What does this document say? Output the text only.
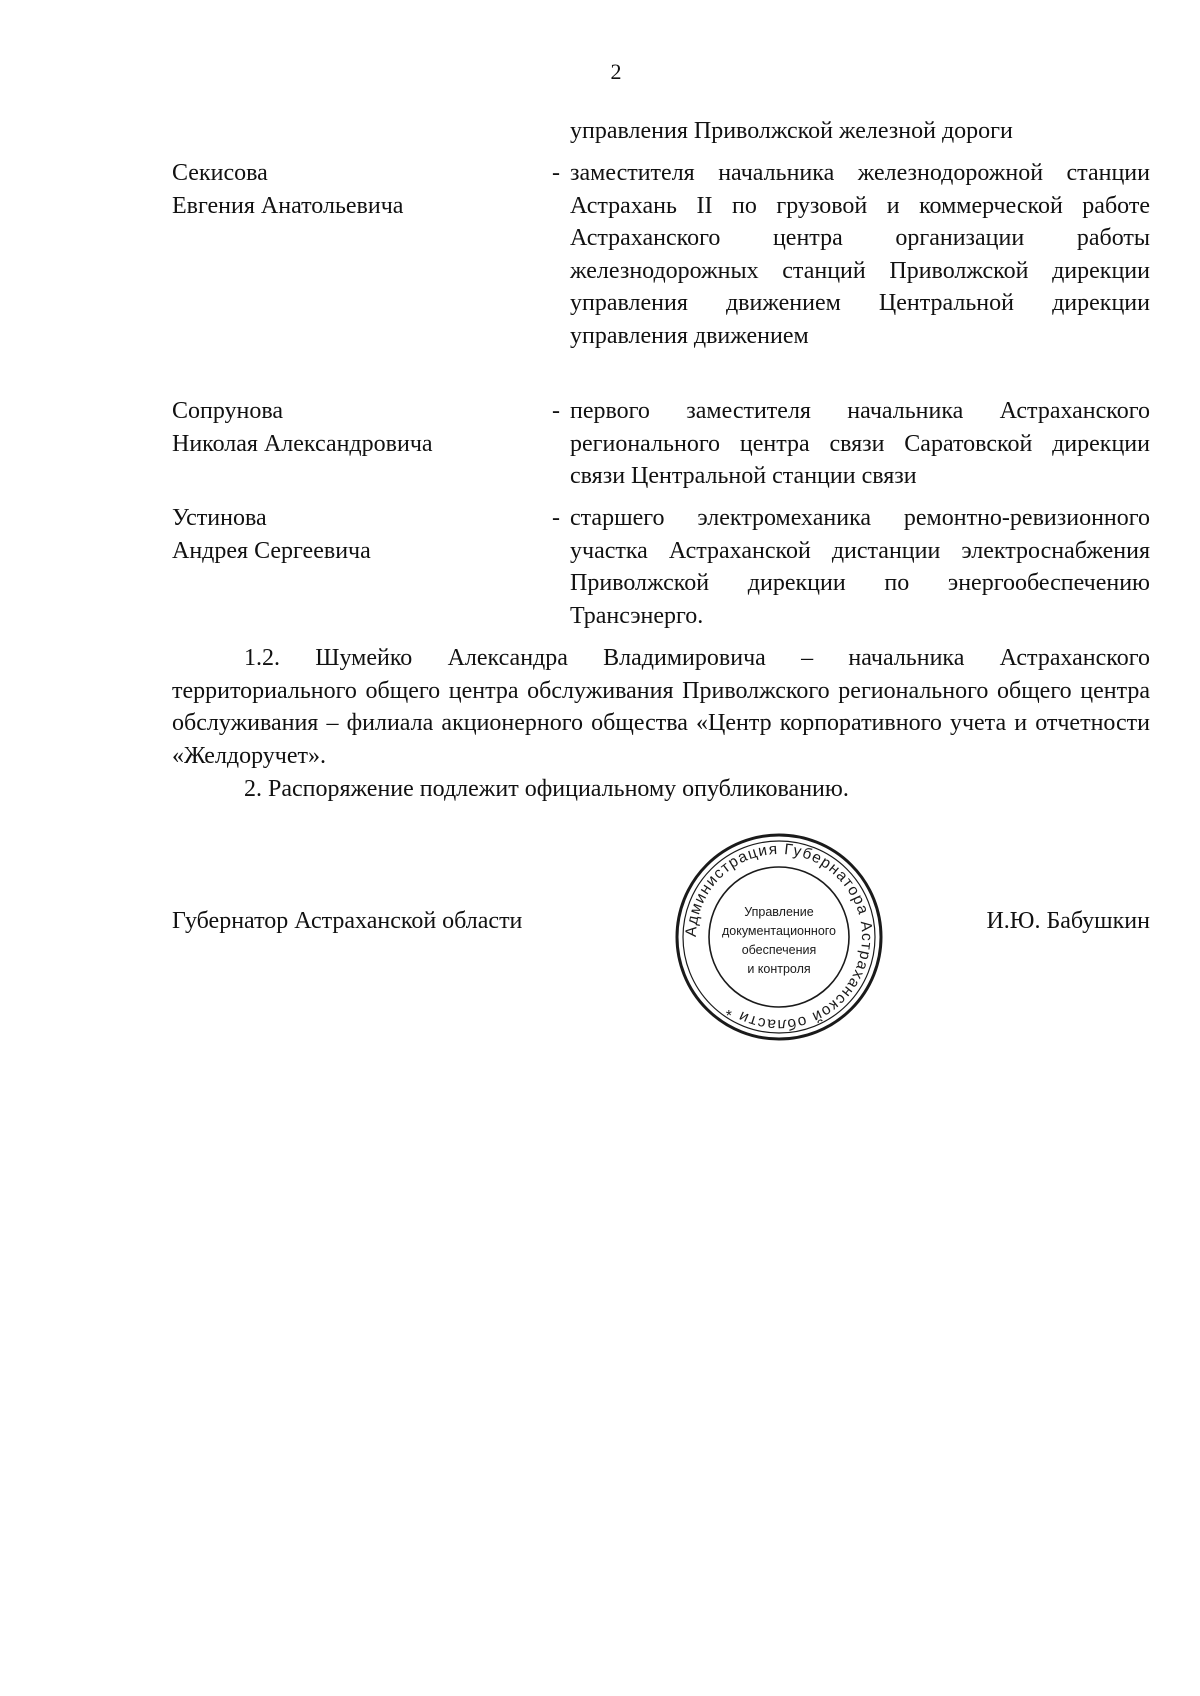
2
управления Приволжской железной дороги
Секисова
Евгения Анатольевича
- заместителя начальника железнодорожной станции Астрахань II по грузовой и коммерческой работе Астраханского центра организации работы железнодорожных станций Приволжской дирекции управления движением Центральной дирекции управления движением
Сопрунова
Николая Александровича
- первого заместителя начальника Астраханского регионального центра связи Саратовской дирекции связи Центральной станции связи
Устинова
Андрея Сергеевича
- старшего электромеханика ремонтно-ревизионного участка Астраханской дистанции электроснабжения Приволжской дирекции по энергообеспечению Трансэнерго.
1.2. Шумейко Александра Владимировича – начальника Астраханского территориального общего центра обслуживания Приволжского регионального общего центра обслуживания – филиала акционерного общества «Центр корпоративного учета и отчетности «Желдоручет».
2. Распоряжение подлежит официальному опубликованию.
Губернатор Астраханской области	И.Ю. Бабушкин
Администрация Губернатора Астраханской области *
Управление
документационного
обеспечения
и контроля
